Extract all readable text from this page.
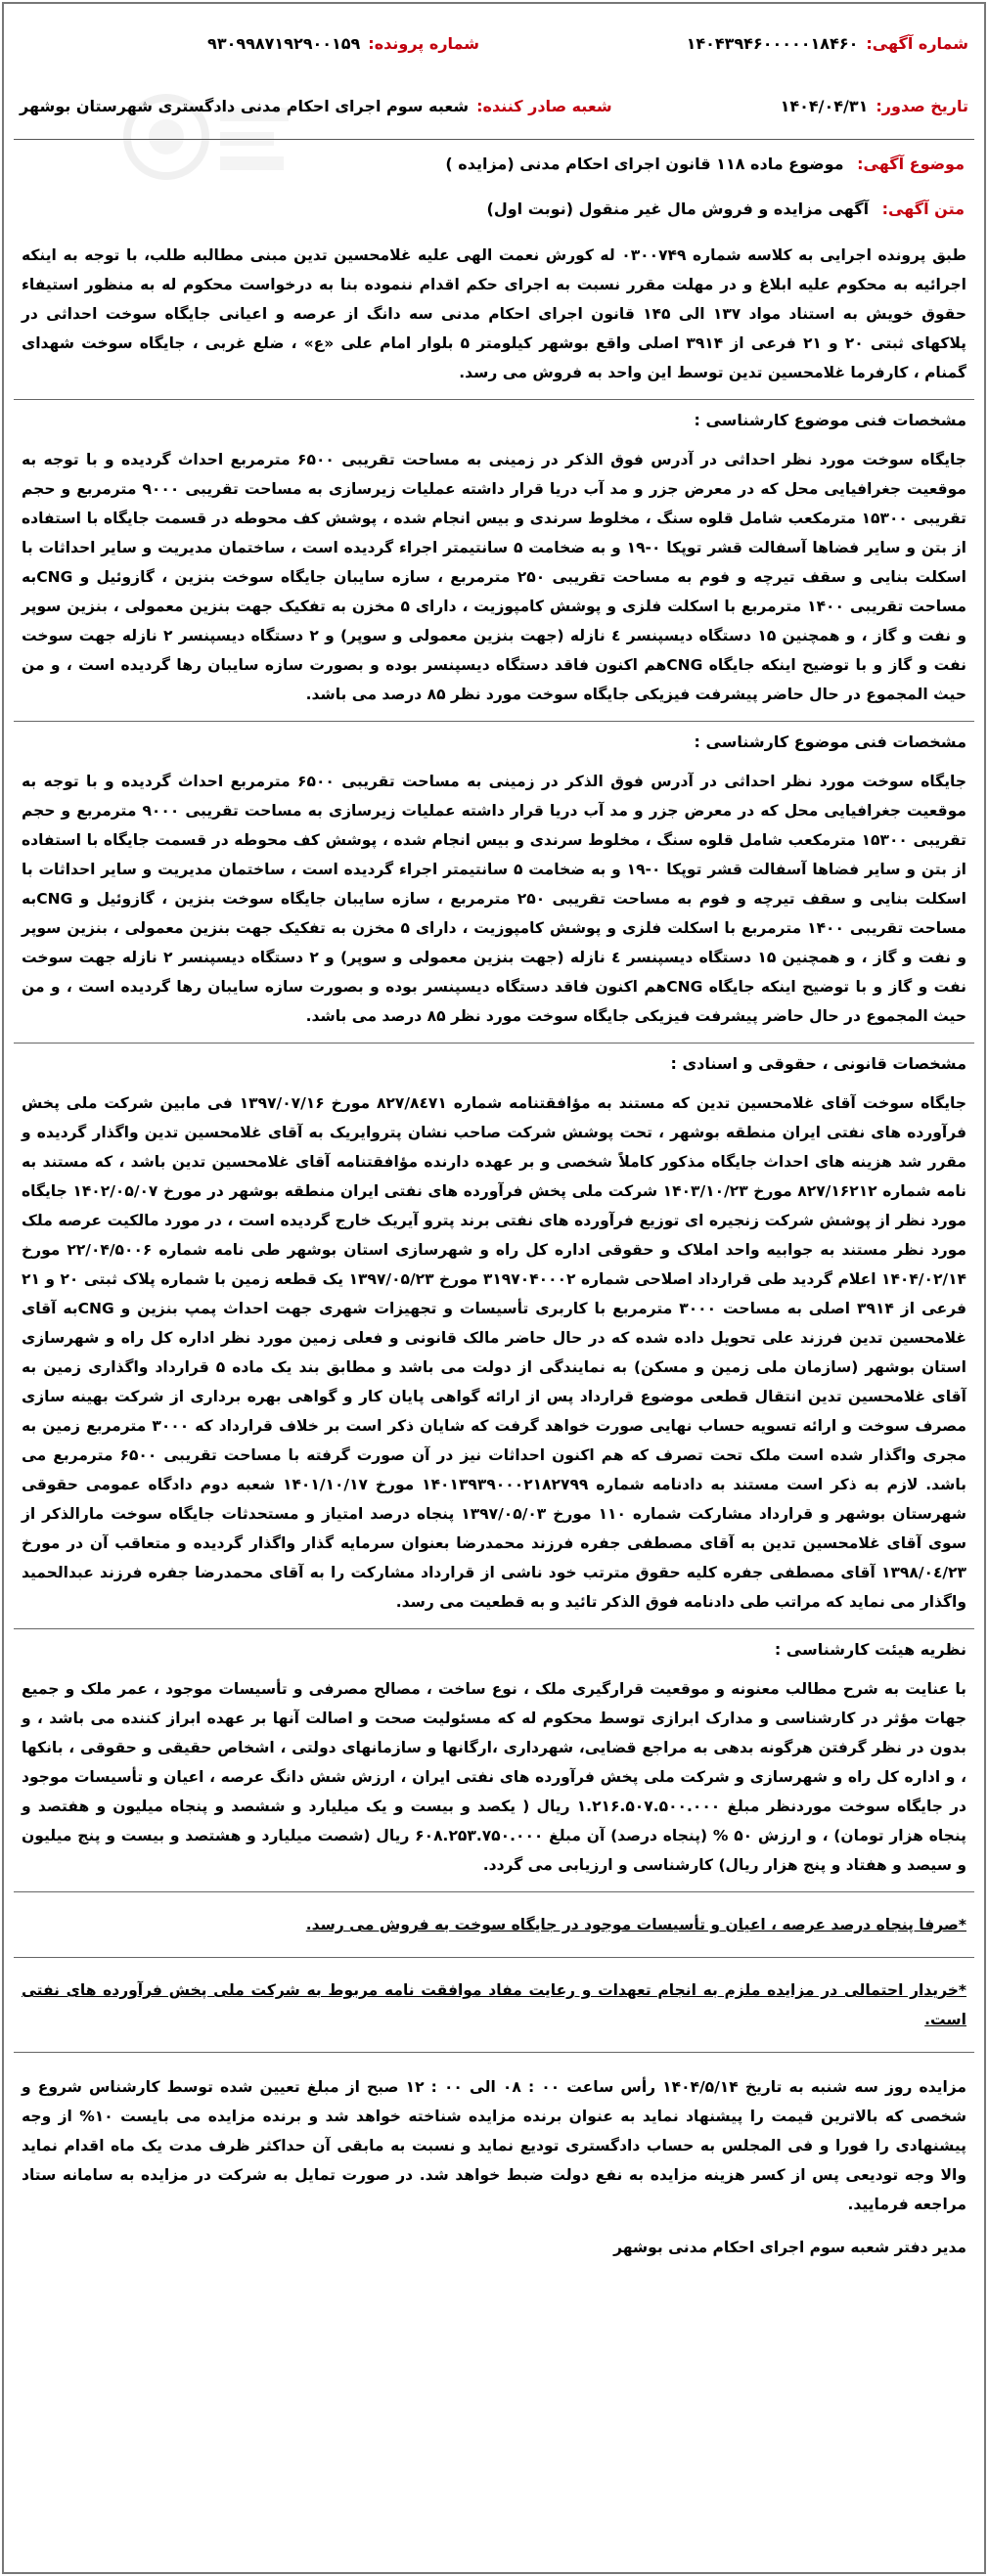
شماره آگهی:
۱۴۰۴۳۹۴۶۰۰۰۰۰۱۸۴۶۰
شماره پرونده:
۹۳۰۹۹۸۷۱۹۲۹۰۰۱۵۹
تاریخ صدور:
۱۴۰۴/۰۴/۳۱
شعبه صادر کننده:
شعبه سوم اجرای احکام مدنی دادگستری شهرستان بوشهر
موضوع آگهی: موضوع ماده ۱۱۸ قانون اجرای احکام مدنی (مزایده )
متن آگهی: آگهی مزایده و فروش مال غیر منقول (نوبت اول)

طبق پرونده اجرایی به کلاسه شماره ۰۳۰۰۷۴۹ له کورش نعمت الهی علیه غلامحسین تدین مبنی مطالبه طلب، با توجه به اینکه اجرائیه به محکوم علیه ابلاغ و در مهلت مقرر نسبت به اجرای حکم اقدام ننموده بنا به درخواست محکوم له به منظور استیفاء حقوق خویش به استناد مواد ۱۳۷ الی ۱۴۵ قانون اجرای احکام مدنی سه دانگ از عرصه و اعیانی جایگاه سوخت احداثی در پلاکهای ثبتی ۲۰ و ۲۱ فرعی از ۳۹۱۴ اصلی واقع بوشهر کیلومتر ۵ بلوار امام علی «ع» ، ضلع غربی ، جایگاه سوخت شهدای گمنام ، کارفرما غلامحسین تدین توسط این واحد به فروش می رسد.

مشخصات فنی موضوع کارشناسی :

جایگاه سوخت مورد نظر احداثی در آدرس فوق الذکر در زمینی به مساحت تقریبی ۶۵۰۰ مترمربع احداث گردیده و با توجه به موقعیت جغرافیایی محل که در معرض جزر و مد آب دریا قرار داشته عملیات زیرسازی به مساحت تقریبی ۹۰۰۰ مترمربع و حجم تقریبی ۱۵۳۰۰ مترمکعب شامل قلوه سنگ ، مخلوط سرندی و بیس انجام شده ، پوشش کف محوطه در قسمت جایگاه با استفاده از بتن و سایر فضاها آسفالت قشر توپکا ۰-۱۹ و به ضخامت ۵ سانتیمتر اجراء گردیده است ، ساختمان مدیریت و سایر احداثات با اسکلت بنایی و سقف تیرچه و فوم به مساحت تقریبی ۲۵۰ مترمربع ، سازه سایبان جایگاه سوخت بنزین ، گازوئیل و CNGبه مساحت تقریبی ۱۴۰۰ مترمربع با اسکلت فلزی و پوشش کامپوزیت ، دارای ۵ مخزن به تفکیک جهت بنزین معمولی ، بنزین سوپر و نفت و گاز ، و همچنین ۱۵ دستگاه دیسپنسر ٤ نازله (جهت بنزین معمولی و سوپر) و ۲ دستگاه دیسپنسر ۲ نازله جهت سوخت نفت و گاز و با توضیح اینکه جایگاه CNGهم اکنون فاقد دستگاه دیسپنسر بوده و بصورت سازه سایبان رها گردیده است ، و من حیث المجموع در حال حاضر پیشرفت فیزیکی جایگاه سوخت مورد نظر ۸۵ درصد می باشد.

مشخصات فنی موضوع کارشناسی :

جایگاه سوخت مورد نظر احداثی در آدرس فوق الذکر در زمینی به مساحت تقریبی ۶۵۰۰ مترمربع احداث گردیده و با توجه به موقعیت جغرافیایی محل که در معرض جزر و مد آب دریا قرار داشته عملیات زیرسازی به مساحت تقریبی ۹۰۰۰ مترمربع و حجم تقریبی ۱۵۳۰۰ مترمکعب شامل قلوه سنگ ، مخلوط سرندی و بیس انجام شده ، پوشش کف محوطه در قسمت جایگاه با استفاده از بتن و سایر فضاها آسفالت قشر توپکا ۰-۱۹ و به ضخامت ۵ سانتیمتر اجراء گردیده است ، ساختمان مدیریت و سایر احداثات با اسکلت بنایی و سقف تیرچه و فوم به مساحت تقریبی ۲۵۰ مترمربع ، سازه سایبان جایگاه سوخت بنزین ، گازوئیل و CNGبه مساحت تقریبی ۱۴۰۰ مترمربع با اسکلت فلزی و پوشش کامپوزیت ، دارای ۵ مخزن به تفکیک جهت بنزین معمولی ، بنزین سوپر و نفت و گاز ، و همچنین ۱۵ دستگاه دیسپنسر ٤ نازله (جهت بنزین معمولی و سوپر) و ۲ دستگاه دیسپنسر ۲ نازله جهت سوخت نفت و گاز و با توضیح اینکه جایگاه CNGهم اکنون فاقد دستگاه دیسپنسر بوده و بصورت سازه سایبان رها گردیده است ، و من حیث المجموع در حال حاضر پیشرفت فیزیکی جایگاه سوخت مورد نظر ۸۵ درصد می باشد.

مشخصات قانونی ، حقوقی و اسنادی :

جایگاه سوخت آقای غلامحسین تدین که مستند به مؤافقتنامه شماره ۸۲۷/۸٤۷۱ مورخ ۱۳۹۷/۰۷/۱۶ فی مابین شرکت ملی پخش فرآورده های نفتی ایران منطقه بوشهر ، تحت پوشش شرکت صاحب نشان پتروایریک به آقای غلامحسین تدین واگذار گردیده و مقرر شد هزینه های احداث جایگاه مذکور کاملاً شخصی و بر عهده دارنده مؤافقتنامه آقای غلامحسین تدین باشد ، که مستند به نامه شماره ۸۲۷/۱۶۲۱۲ مورخ ۱۴۰۳/۱۰/۲۳ شرکت ملی پخش فرآورده های نفتی ایران منطقه بوشهر در مورخ ۱۴۰۲/۰۵/۰۷ جایگاه مورد نظر از پوشش شرکت زنجیره ای توزیع فرآورده های نفتی برند پترو آیریک خارج گردیده است ، در مورد مالکیت عرصه ملک مورد نظر مستند به جوابیه واحد املاک و حقوقی اداره کل راه و شهرسازی استان بوشهر طی نامه شماره ۲۲/۰۴/۵۰۰۶ مورخ ۱۴۰۴/۰۲/۱۴ اعلام گردید طی قرارداد اصلاحی شماره ۳۱۹۷۰۴۰۰۰۲ مورخ ۱۳۹۷/۰۵/۲۳ یک قطعه زمین با شماره پلاک ثبتی ۲۰ و ۲۱ فرعی از ۳۹۱۴ اصلی به مساحت ۳۰۰۰ مترمربع با کاربری تأسیسات و تجهیزات شهری جهت احداث پمپ بنزین و CNGبه آقای غلامحسین تدین فرزند علی تحویل داده شده که در حال حاضر مالک قانونی و فعلی زمین مورد نظر اداره کل راه و شهرسازی استان بوشهر (سازمان ملی زمین و مسکن) به نمایندگی از دولت می باشد و مطابق بند یک ماده ۵ قرارداد واگذاری زمین به آقای غلامحسین تدین انتقال قطعی موضوع قرارداد پس از ارائه گواهی پایان کار و گواهی بهره برداری از شرکت بهینه سازی مصرف سوخت و ارائه تسویه حساب نهایی صورت خواهد گرفت که شایان ذکر است بر خلاف قرارداد که ۳۰۰۰ مترمربع زمین به مجری واگذار شده است ملک تحت تصرف که هم اکنون احداثات نیز در آن صورت گرفته با مساحت تقریبی ۶۵۰۰ مترمربع می باشد. لازم به ذکر است مستند به دادنامه شماره ۱۴۰۱۳۹۳۹۰۰۰۲۱۸۲۷۹۹ مورخ ۱۴۰۱/۱۰/۱۷ شعبه دوم دادگاه عمومی حقوقی شهرستان بوشهر و قرارداد مشارکت شماره ۱۱۰ مورخ ۱۳۹۷/۰۵/۰۳ پنجاه درصد امتیاز و مستحدثات جایگاه سوخت مارالذکر از سوی آقای غلامحسین تدین به آقای مصطفی جفره فرزند محمدرضا بعنوان سرمایه گذار واگذار گردیده و متعاقب آن در مورخ ۱۳۹۸/۰٤/۲۳ آقای مصطفی جفره کلیه حقوق مترتب خود ناشی از قرارداد مشارکت را به آقای محمدرضا جفره فرزند عبدالحمید واگذار می نماید که مراتب طی دادنامه فوق الذکر تائید و به قطعیت می رسد.

نظریه هیئت کارشناسی :

با عنایت به شرح مطالب معنونه و موقعیت قرارگیری ملک ، نوع ساخت ، مصالح مصرفی و تأسیسات موجود ، عمر ملک و جمیع جهات مؤثر در کارشناسی و مدارک ابرازی توسط محکوم له که مسئولیت صحت و اصالت آنها بر عهده ابراز کننده می باشد ، و بدون در نظر گرفتن هرگونه بدهی به مراجع قضایی، شهرداری ،ارگانها و سازمانهای دولتی ، اشخاص حقیقی و حقوقی ، بانکها ، و اداره کل راه و شهرسازی و شرکت ملی پخش فرآورده های نفتی ایران ، ارزش شش دانگ عرصه ، اعیان و تأسیسات موجود در جایگاه سوخت موردنظر مبلغ ۱.۲۱۶.۵۰۷.۵۰۰.۰۰۰ ریال ( یکصد و بیست و یک میلیارد و ششصد و پنجاه میلیون و هفتصد و پنجاه هزار تومان) ، و ارزش ۵۰ % (پنجاه درصد) آن مبلغ ۶۰۸.۲۵۳.۷۵۰.۰۰۰ ریال (شصت میلیارد و هشتصد و بیست و پنج میلیون و سیصد و هفتاد و پنج هزار ریال) کارشناسی و ارزیابی می گردد.

*صرفا پنجاه درصد عرصه ، اعیان و تأسیسات موجود در جایگاه سوخت به فروش می رسد.

*خریدار احتمالی در مزایده ملزم به انجام تعهدات و رعایت مفاد موافقت نامه مربوط به شرکت ملی پخش فرآورده های نفتی است.

مزایده روز سه شنبه به تاریخ ۱۴۰۴/۵/۱۴ رأس ساعت ۰۰ : ۰۸ الی ۰۰ : ۱۲ صبح از مبلغ تعیین شده توسط کارشناس شروع و شخصی که بالاترین قیمت را پیشنهاد نماید به عنوان برنده مزایده شناخته خواهد شد و برنده مزایده می بایست ۱۰% از وجه پیشنهادی را فورا و فی المجلس به حساب دادگستری تودیع نماید و نسبت به مابقی آن حداکثر ظرف مدت یک ماه اقدام نماید والا وجه تودیعی پس از کسر هزینه مزایده به نفع دولت ضبط خواهد شد. در صورت تمایل به شرکت در مزایده به سامانه ستاد مراجعه فرمایید.

مدیر دفتر شعبه سوم اجرای احکام مدنی بوشهر
